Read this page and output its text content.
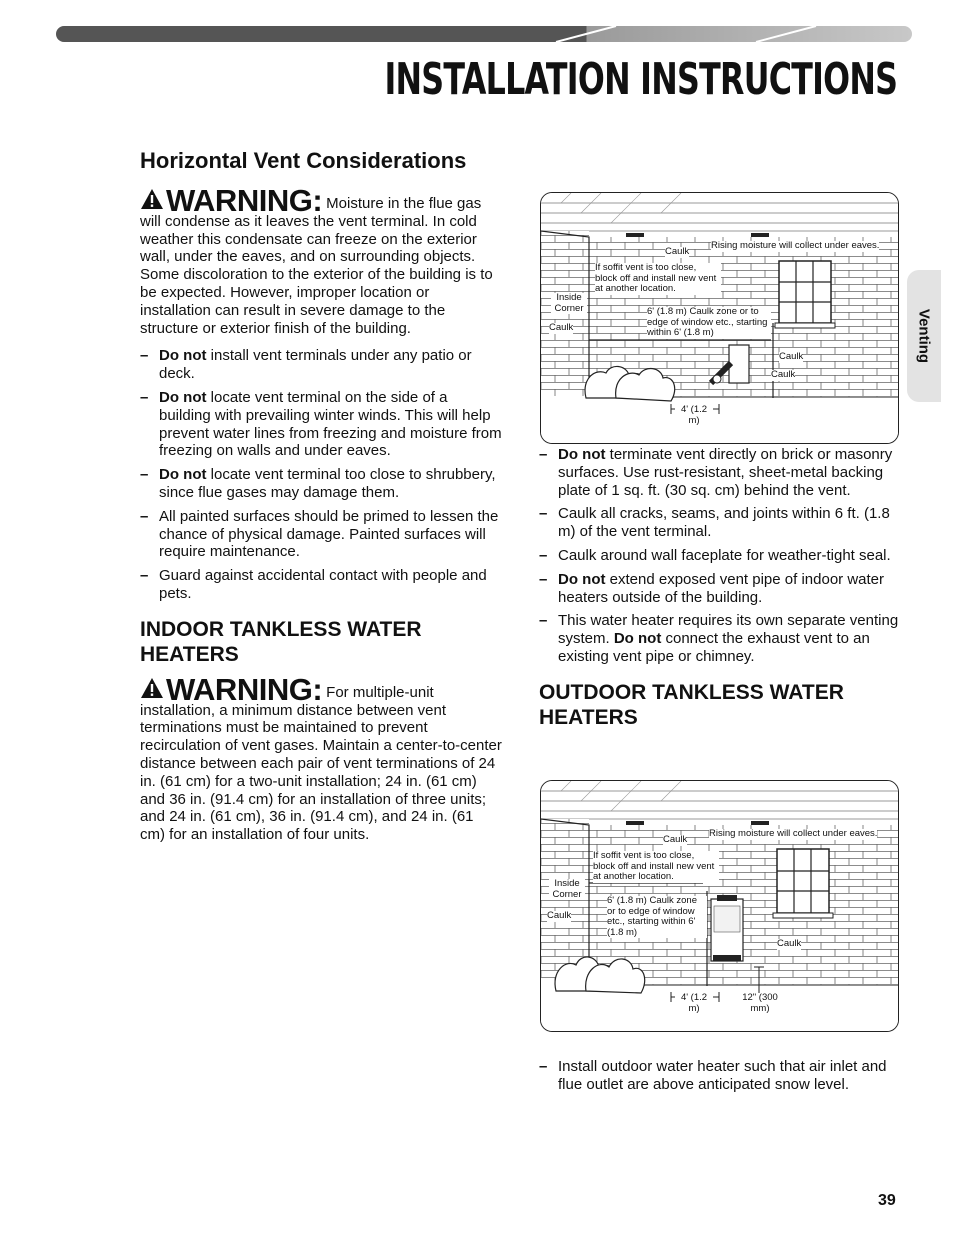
INSTALLATION INSTRUCTIONS
Venting
Horizontal Vent Considerations

WARNING: Moisture in the flue gas will condense as it leaves the vent terminal. In cold weather this condensate can freeze on the exterior wall, under the eaves, and on surrounding objects. Some discoloration to the exterior of the building is to be expected. However, improper location or installation can result in severe damage to the structure or exterior finish of the building.

– Do not install vent terminals under any patio or deck.
– Do not locate vent terminal on the side of a building with prevailing winter winds. This will help prevent water lines from freezing and moisture from freezing on walls and under eaves.
– Do not locate vent terminal too close to shrubbery, since flue gases may damage them.
– All painted surfaces should be primed to lessen the chance of physical damage. Painted surfaces will require maintenance.
– Guard against accidental contact with people and pets.
INDOOR TANKLESS WATER HEATERS

WARNING: For multiple-unit installation, a minimum distance between vent terminations must be maintained to prevent recirculation of vent gases. Maintain a center-to-center distance between each pair of vent terminations of 24 in. (61 cm) for a two-unit installation; 24 in. (61 cm) and 36 in. (91.4 cm) for an installation of three units; and 24 in. (61 cm), 36 in. (91.4 cm), and 24 in. (61 cm) for an installation of four units.

Caulk
Rising moisture will collect under eaves.
If soffit vent is too close, block off and install new vent at another location.
Inside Corner
Caulk
6' (1.8 m) Caulk zone or to edge of window etc., starting within 6' (1.8 m)
Caulk
Caulk
4' (1.2 m)
– Do not terminate vent directly on brick or masonry surfaces. Use rust-resistant, sheet-metal backing plate of 1 sq. ft. (30 sq. cm) behind the vent.
– Caulk all cracks, seams, and joints within 6 ft. (1.8 m) of the vent terminal.
– Caulk around wall faceplate for weather-tight seal.
– Do not extend exposed vent pipe of indoor water heaters outside of the building.
– This water heater requires its own separate venting system. Do not connect the exhaust vent to an existing vent pipe or chimney.
OUTDOOR TANKLESS WATER HEATERS
Caulk
Rising moisture will collect under eaves.
If soffit vent is too close, block off and install new vent at another location.
Inside Corner
Caulk
6' (1.8 m) Caulk zone or to edge of window etc., starting within 6' (1.8 m)
Caulk
4' (1.2 m)
12" (300 mm)
– Install outdoor water heater such that air inlet and flue outlet are above anticipated snow level.
39
